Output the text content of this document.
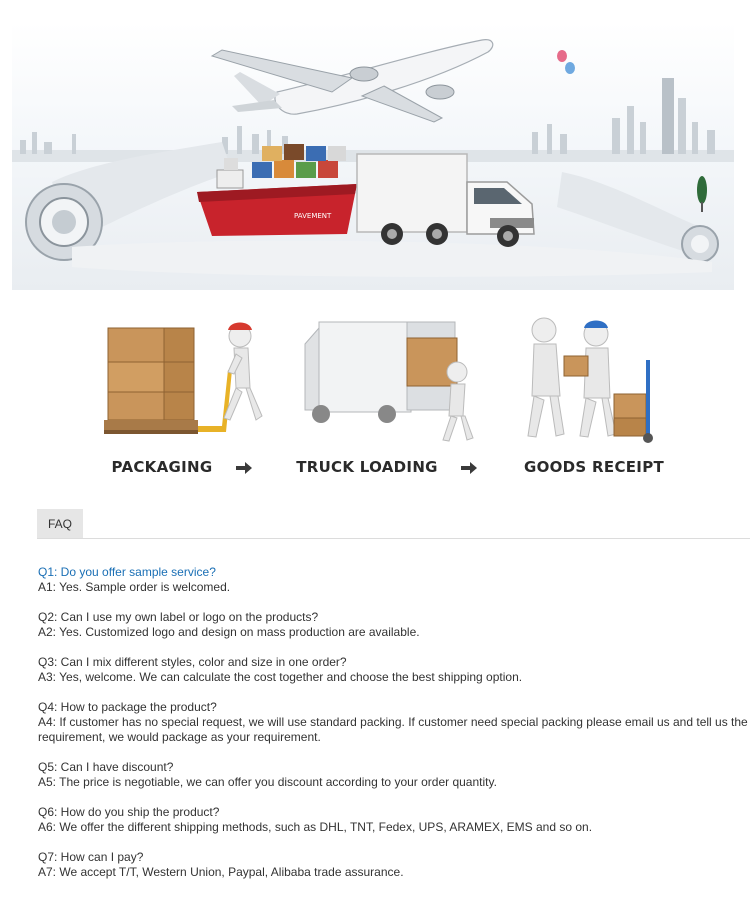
PAVEMENT
PACKAGING	TRUCK LOADING	GOODS RECEIPT
FAQ
Q1: Do you offer sample service?
A1: Yes. Sample order is welcomed.
Q2: Can I use my own label or logo on the products?
A2: Yes. Customized logo and design on mass production are available.
Q3: Can I mix different styles, color and size in one order?
A3: Yes, welcome. We can calculate the cost together and choose the best shipping option.
Q4: How to package the product?
A4: If customer has no special request, we will use standard packing. If customer need special packing please email us and tell us the requirement, we would package as your requirement.
Q5: Can I have discount?
A5: The price is negotiable, we can offer you discount according to your order quantity.
Q6: How do you ship the product?
A6: We offer the different shipping methods, such as DHL, TNT, Fedex, UPS, ARAMEX, EMS and so on.
Q7: How can I pay?
A7: We accept T/T, Western Union, Paypal, Alibaba trade assurance.
